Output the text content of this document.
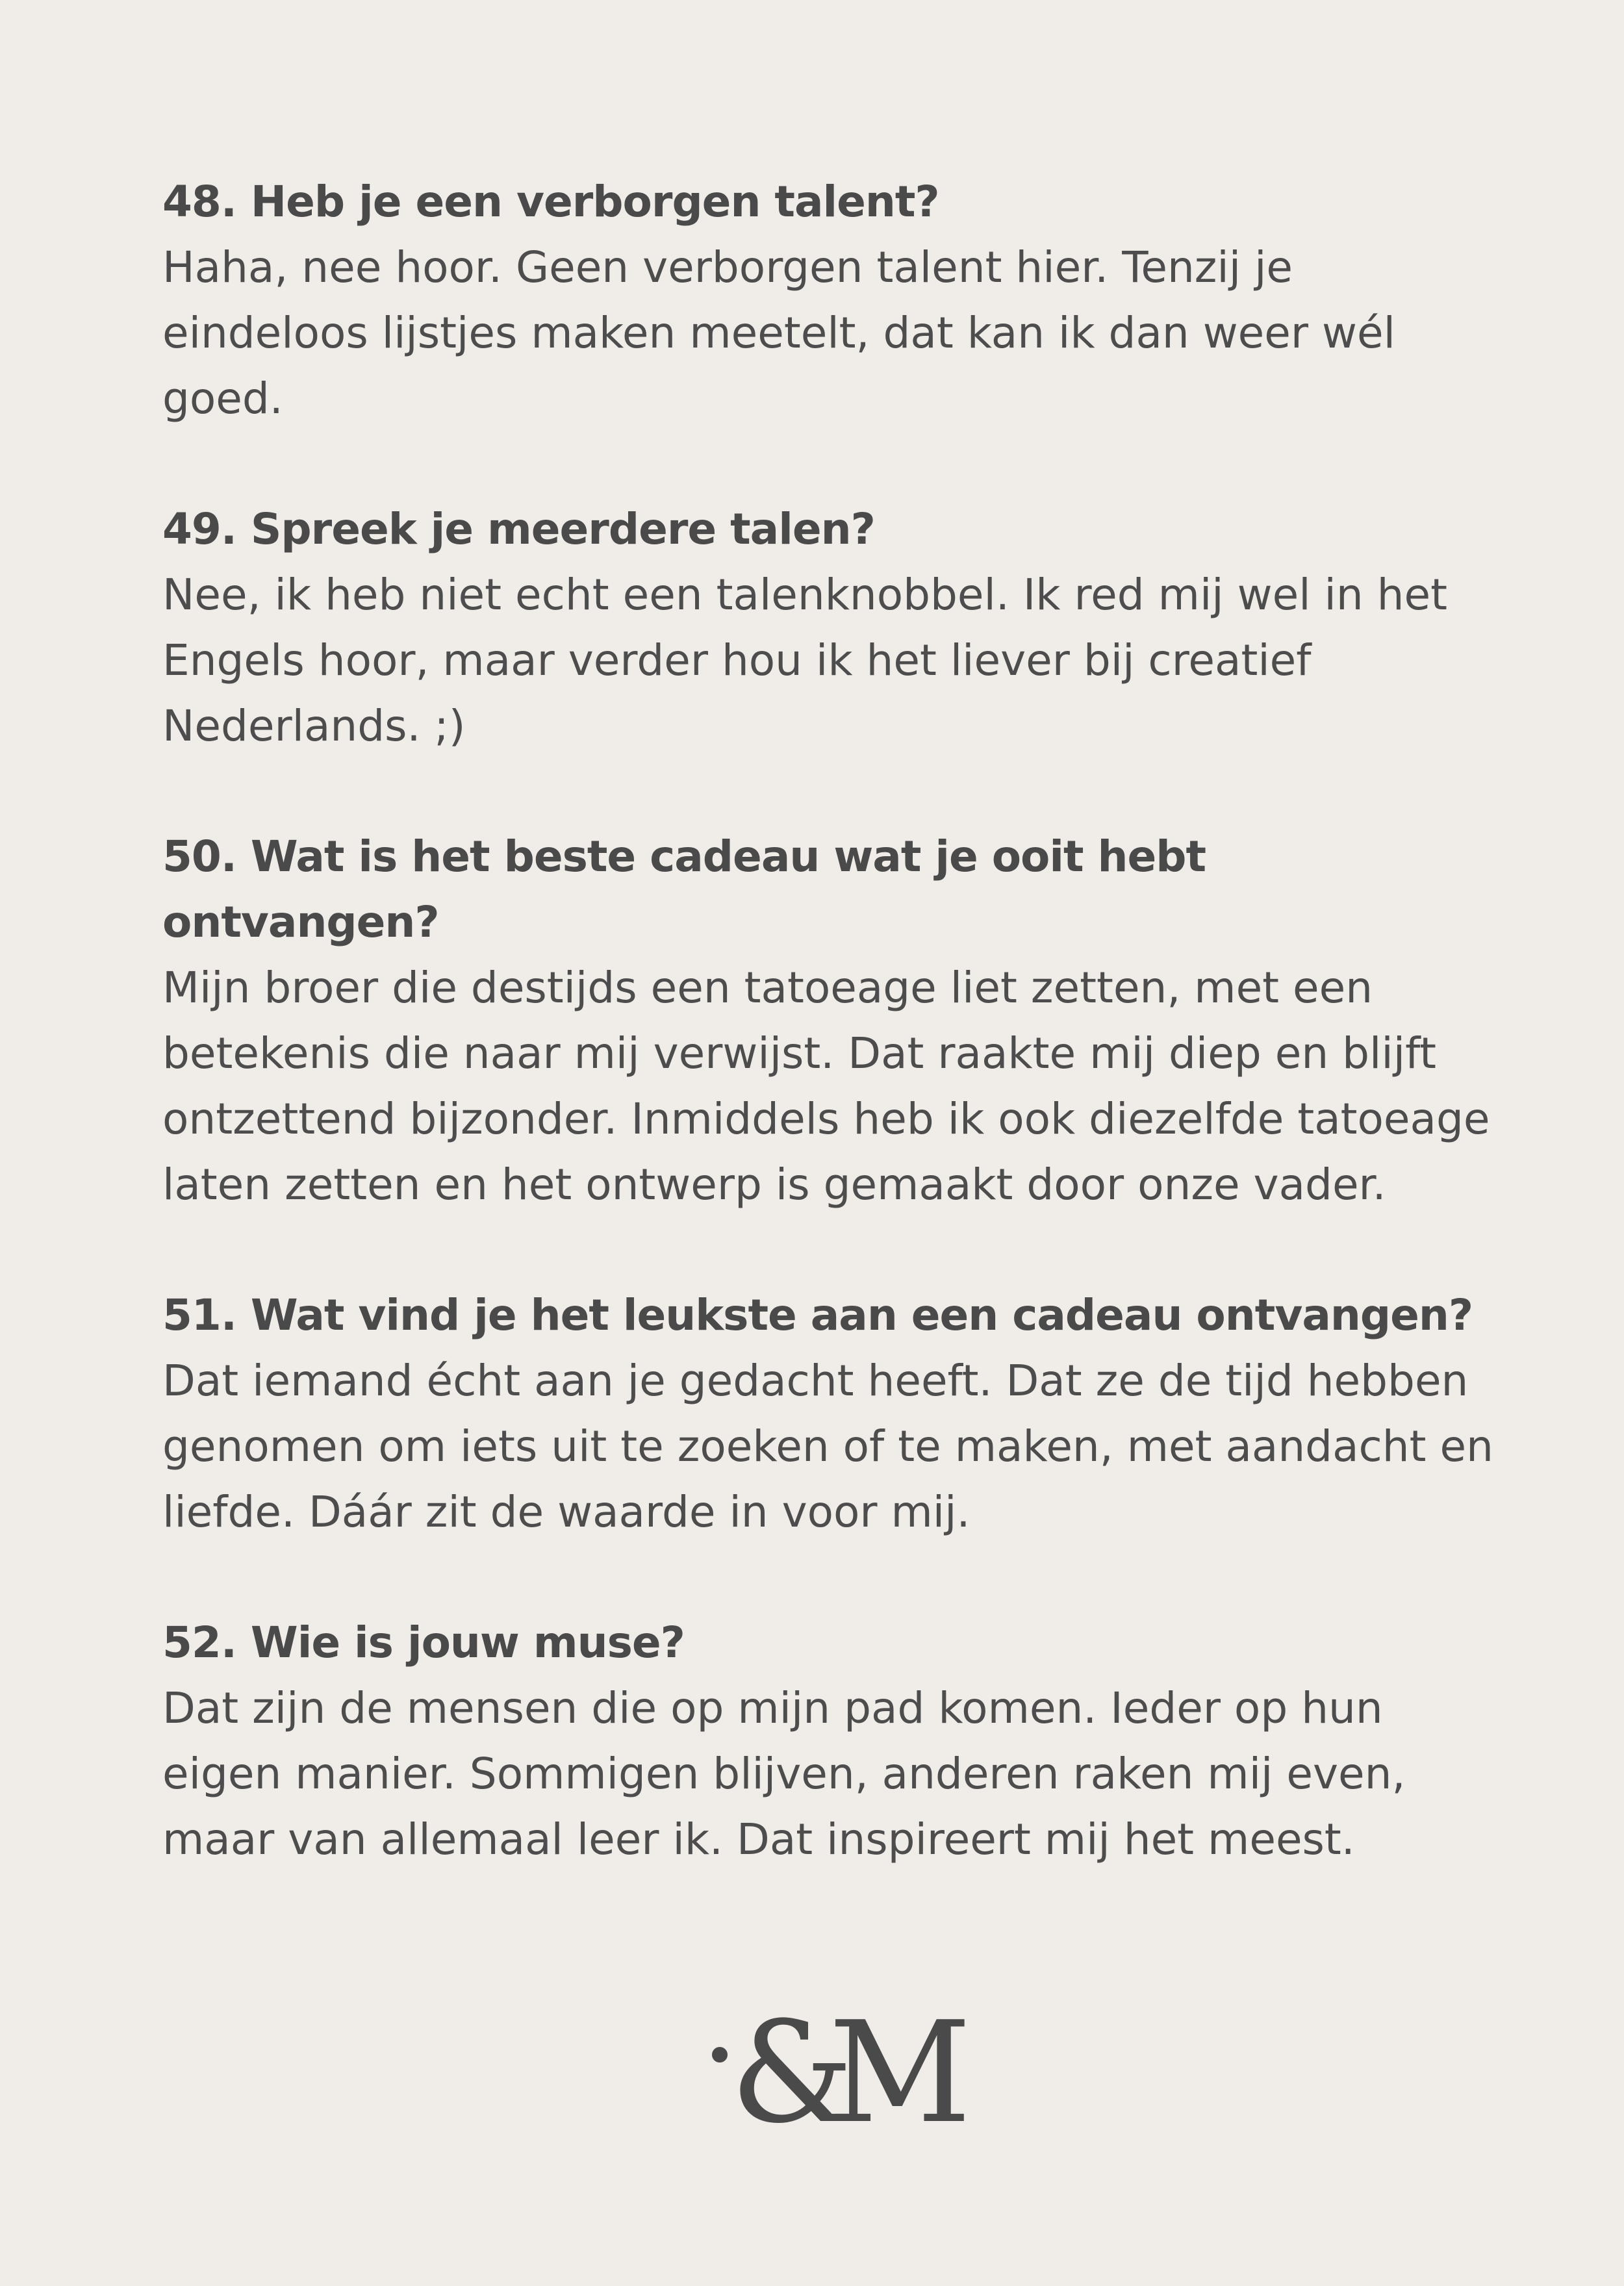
48. Heb je een verborgen talent?

Haha, nee hoor. Geen verborgen talent hier. Tenzij je eindeloos lijstjes maken meetelt, dat kan ik dan weer wél goed.

49. Spreek je meerdere talen?

Nee, ik heb niet echt een talenknobbel. Ik red mij wel in het Engels hoor, maar verder hou ik het liever bij creatief Nederlands. ;)

50. Wat is het beste cadeau wat je ooit hebt ontvangen?

Mijn broer die destijds een tatoeage liet zetten, met een betekenis die naar mij verwijst. Dat raakte mij diep en blijft ontzettend bijzonder. Inmiddels heb ik ook diezelfde tatoeage laten zetten en het ontwerp is gemaakt door onze vader.

51. Wat vind je het leukste aan een cadeau ontvangen?

Dat iemand écht aan je gedacht heeft. Dat ze de tijd hebben genomen om iets uit te zoeken of te maken, met aandacht en liefde. Dáár zit de waarde in voor mij.

52. Wie is jouw muse?

Dat zijn de mensen die op mijn pad komen. Ieder op hun eigen manier. Sommigen blijven, anderen raken mij even, maar van allemaal leer ik. Dat inspireert mij het meest.

&M
